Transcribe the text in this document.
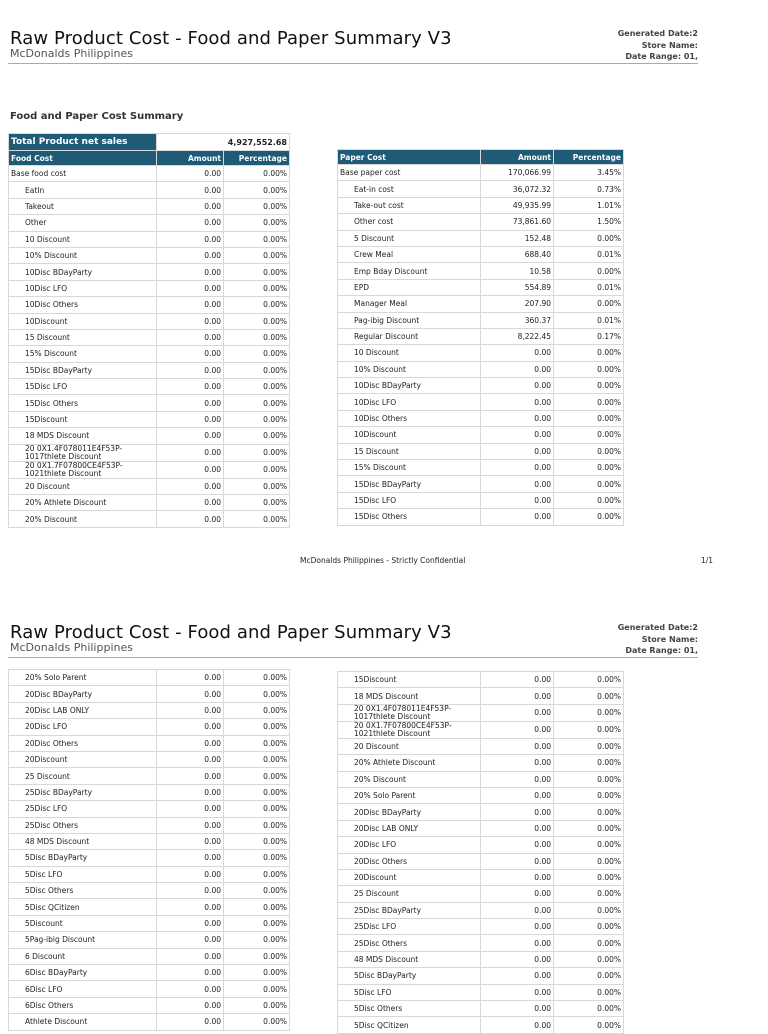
Raw Product Cost - Food and Paper Summary V3
McDonalds Philippines
Generated Date:2
Store Name:
Date Range: 01,
Food and Paper Cost Summary
Total Product net sales	4,927,552.68	
Food Cost	Amount	Percentage
Base food cost	0.00	0.00%
EatIn	0.00	0.00%
Takeout	0.00	0.00%
Other	0.00	0.00%
10 Discount	0.00	0.00%
10% Discount	0.00	0.00%
10Disc BDayParty	0.00	0.00%
10Disc LFO	0.00	0.00%
10Disc Others	0.00	0.00%
10Discount	0.00	0.00%
15 Discount	0.00	0.00%
15% Discount	0.00	0.00%
15Disc BDayParty	0.00	0.00%
15Disc LFO	0.00	0.00%
15Disc Others	0.00	0.00%
15Discount	0.00	0.00%
18 MDS Discount	0.00	0.00%
20 0X1.4F078011E4F53P-1017thlete Discount	0.00	0.00%
20 0X1.7F07800CE4F53P-1021thlete Discount	0.00	0.00%
20 Discount	0.00	0.00%
20% Athlete Discount	0.00	0.00%
20% Discount	0.00	0.00%
Paper Cost	Amount	Percentage
Base paper cost	170,066.99	3.45%
Eat-in cost	36,072.32	0.73%
Take-out cost	49,935.99	1.01%
Other cost	73,861.60	1.50%
5 Discount	152.48	0.00%
Crew Meal	688.40	0.01%
Emp Bday Discount	10.58	0.00%
EPD	554.89	0.01%
Manager Meal	207.90	0.00%
Pag-ibig Discount	360.37	0.01%
Regular Discount	8,222.45	0.17%
10 Discount	0.00	0.00%
10% Discount	0.00	0.00%
10Disc BDayParty	0.00	0.00%
10Disc LFO	0.00	0.00%
10Disc Others	0.00	0.00%
10Discount	0.00	0.00%
15 Discount	0.00	0.00%
15% Discount	0.00	0.00%
15Disc BDayParty	0.00	0.00%
15Disc LFO	0.00	0.00%
15Disc Others	0.00	0.00%
McDonalds Philippines - Strictly Confidential	1/1
Raw Product Cost - Food and Paper Summary V3
McDonalds Philippines
Generated Date:2
Store Name:
Date Range: 01,
20% Solo Parent	0.00	0.00%
20Disc BDayParty	0.00	0.00%
20Disc LAB ONLY	0.00	0.00%
20Disc LFO	0.00	0.00%
20Disc Others	0.00	0.00%
20Discount	0.00	0.00%
25 Discount	0.00	0.00%
25Disc BDayParty	0.00	0.00%
25Disc LFO	0.00	0.00%
25Disc Others	0.00	0.00%
48 MDS Discount	0.00	0.00%
5Disc BDayParty	0.00	0.00%
5Disc LFO	0.00	0.00%
5Disc Others	0.00	0.00%
5Disc QCitizen	0.00	0.00%
5Discount	0.00	0.00%
5Pag-ibig Discount	0.00	0.00%
6 Discount	0.00	0.00%
6Disc BDayParty	0.00	0.00%
6Disc LFO	0.00	0.00%
6Disc Others	0.00	0.00%
Athlete Discount	0.00	0.00%
15Discount	0.00	0.00%
18 MDS Discount	0.00	0.00%
20 0X1.4F078011E4F53P-1017thlete Discount	0.00	0.00%
20 0X1.7F07800CE4F53P-1021thlete Discount	0.00	0.00%
20 Discount	0.00	0.00%
20% Athlete Discount	0.00	0.00%
20% Discount	0.00	0.00%
20% Solo Parent	0.00	0.00%
20Disc BDayParty	0.00	0.00%
20Disc LAB ONLY	0.00	0.00%
20Disc LFO	0.00	0.00%
20Disc Others	0.00	0.00%
20Discount	0.00	0.00%
25 Discount	0.00	0.00%
25Disc BDayParty	0.00	0.00%
25Disc LFO	0.00	0.00%
25Disc Others	0.00	0.00%
48 MDS Discount	0.00	0.00%
5Disc BDayParty	0.00	0.00%
5Disc LFO	0.00	0.00%
5Disc Others	0.00	0.00%
5Disc QCitizen	0.00	0.00%
